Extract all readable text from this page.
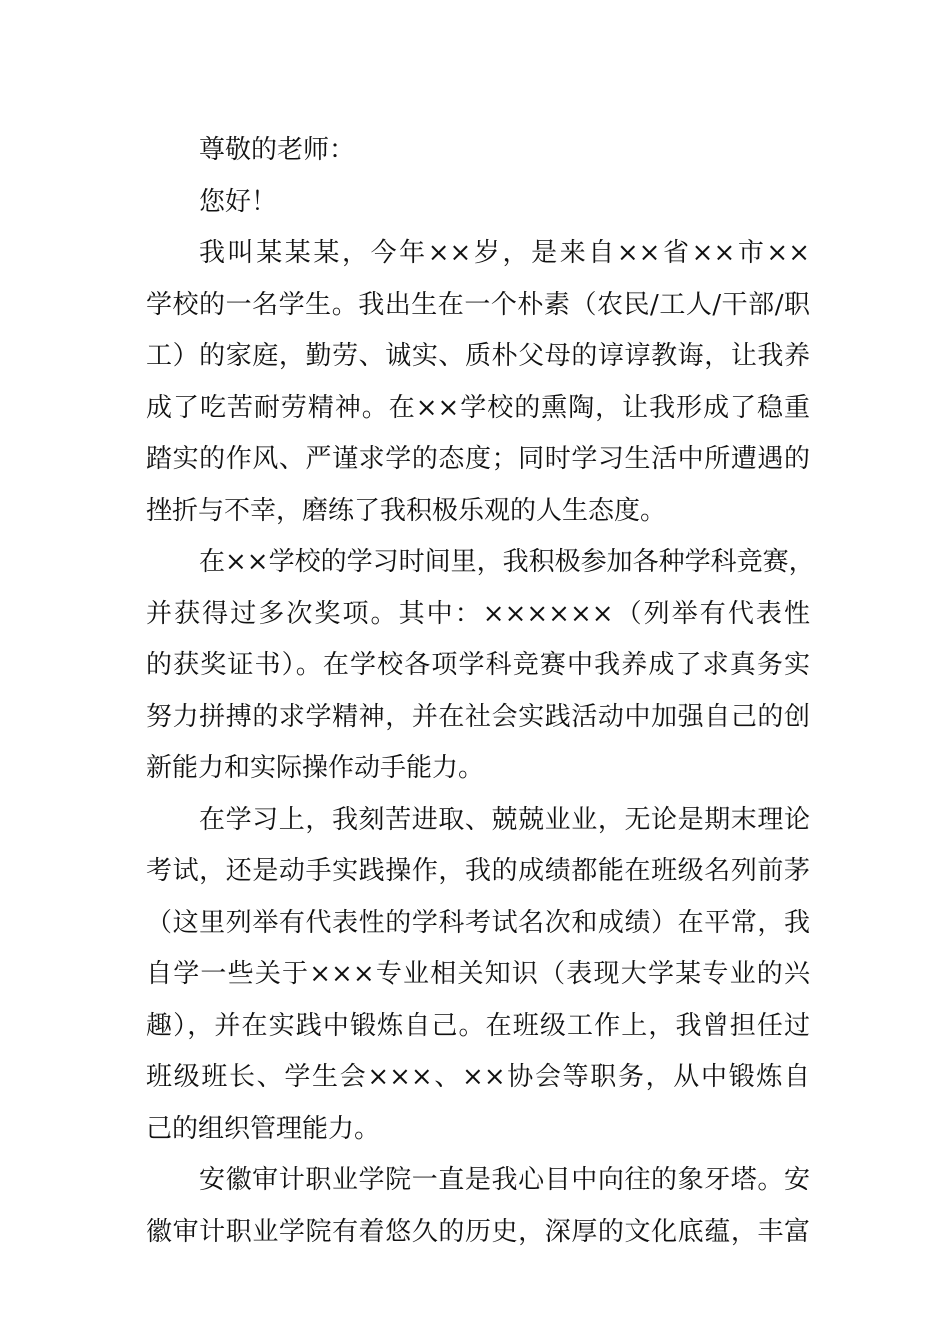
尊敬的老师：
您好！
我叫某某某，今年××岁，是来自××省××市××
学校的一名学生。我出生在一个朴素（农民/工人/干部/职
工）的家庭，勤劳、诚实、质朴父母的谆谆教诲，让我养
成了吃苦耐劳精神。在××学校的熏陶，让我形成了稳重
踏实的作风、严谨求学的态度；同时学习生活中所遭遇的
挫折与不幸，磨练了我积极乐观的人生态度。
在××学校的学习时间里，我积极参加各种学科竞赛，
并获得过多次奖项。其中：××××××（列举有代表性
的获奖证书）。在学校各项学科竞赛中我养成了求真务实
努力拼搏的求学精神，并在社会实践活动中加强自己的创
新能力和实际操作动手能力。
在学习上，我刻苦进取、兢兢业业，无论是期末理论
考试，还是动手实践操作，我的成绩都能在班级名列前茅
（这里列举有代表性的学科考试名次和成绩）在平常，我
自学一些关于×××专业相关知识（表现大学某专业的兴
趣），并在实践中锻炼自己。在班级工作上，我曾担任过
班级班长、学生会×××、××协会等职务，从中锻炼自
己的组织管理能力。
安徽审计职业学院一直是我心目中向往的象牙塔。安
徽审计职业学院有着悠久的历史，深厚的文化底蕴，丰富
